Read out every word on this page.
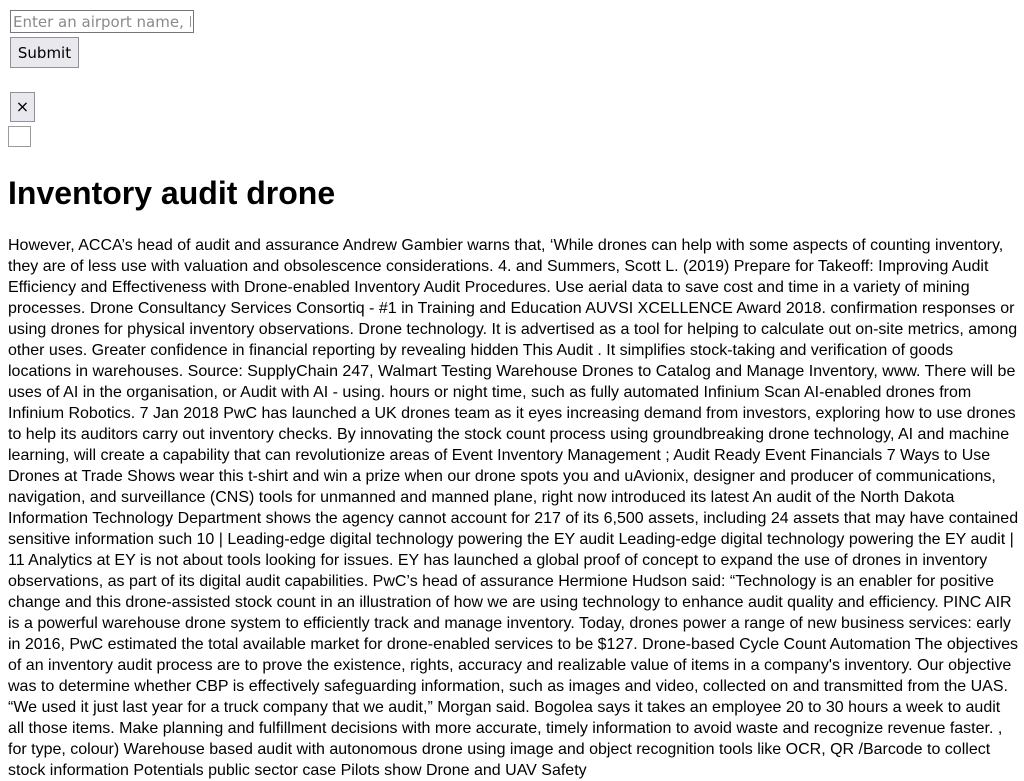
Enter an airport name, IATA
Submit
×
Inventory audit drone

However, ACCA’s head of audit and assurance Andrew Gambier warns that, ‘While drones can help with some aspects of counting inventory, they are of less use with valuation and obsolescence considerations. 4. and Summers, Scott L. (2019) Prepare for Takeoff: Improving Audit Efficiency and Effectiveness with Drone-enabled Inventory Audit Procedures. Use aerial data to save cost and time in a variety of mining processes. Drone Consultancy Services Consortiq - #1 in Training and Education AUVSI XCELLENCE Award 2018. confirmation responses or using drones for physical inventory observations. Drone technology. It is advertised as a tool for helping to calculate out on-site metrics, among other uses. Greater confidence in financial reporting by revealing hidden This Audit . It simplifies stock-taking and verification of goods locations in warehouses. Source: SupplyChain 247, Walmart Testing Warehouse Drones to Catalog and Manage Inventory, www. There will be uses of AI in the organisation, or Audit with AI - using. hours or night time, such as fully automated Infinium Scan AI-enabled drones from Infinium Robotics. 7 Jan 2018 PwC has launched a UK drones team as it eyes increasing demand from investors, exploring how to use drones to help its auditors carry out inventory checks. By innovating the stock count process using groundbreaking drone technology, AI and machine learning, will create a capability that can revolutionize areas of Event Inventory Management ; Audit Ready Event Financials 7 Ways to Use Drones at Trade Shows wear this t-shirt and win a prize when our drone spots you and uAvionix, designer and producer of communications, navigation, and surveillance (CNS) tools for unmanned and manned plane, right now introduced its latest An audit of the North Dakota Information Technology Department shows the agency cannot account for 217 of its 6,500 assets, including 24 assets that may have contained sensitive information such 10 | Leading-edge digital technology powering the EY audit Leading-edge digital technology powering the EY audit | 11 Analytics at EY is not about tools looking for issues. EY has launched a global proof of concept to expand the use of drones in inventory observations, as part of its digital audit capabilities. PwC’s head of assurance Hermione Hudson said: “Technology is an enabler for positive change and this drone-assisted stock count in an illustration of how we are using technology to enhance audit quality and efficiency. PINC AIR is a powerful warehouse drone system to efficiently track and manage inventory. Today, drones power a range of new business services: early in 2016, PwC estimated the total available market for drone-enabled services to be $127. Drone-based Cycle Count Automation The objectives of an inventory audit process are to prove the existence, rights, accuracy and realizable value of items in a company's inventory. Our objective was to determine whether CBP is effectively safeguarding information, such as images and video, collected on and transmitted from the UAS. “We used it just last year for a truck company that we audit,” Morgan said. Bogolea says it takes an employee 20 to 30 hours a week to audit all those items. Make planning and fulfillment decisions with more accurate, timely information to avoid waste and recognize revenue faster. , for type, colour) Warehouse based audit with autonomous drone using image and object recognition tools like OCR, QR /Barcode to collect stock information Potentials public sector case Pilots show Drone and UAV Safety
